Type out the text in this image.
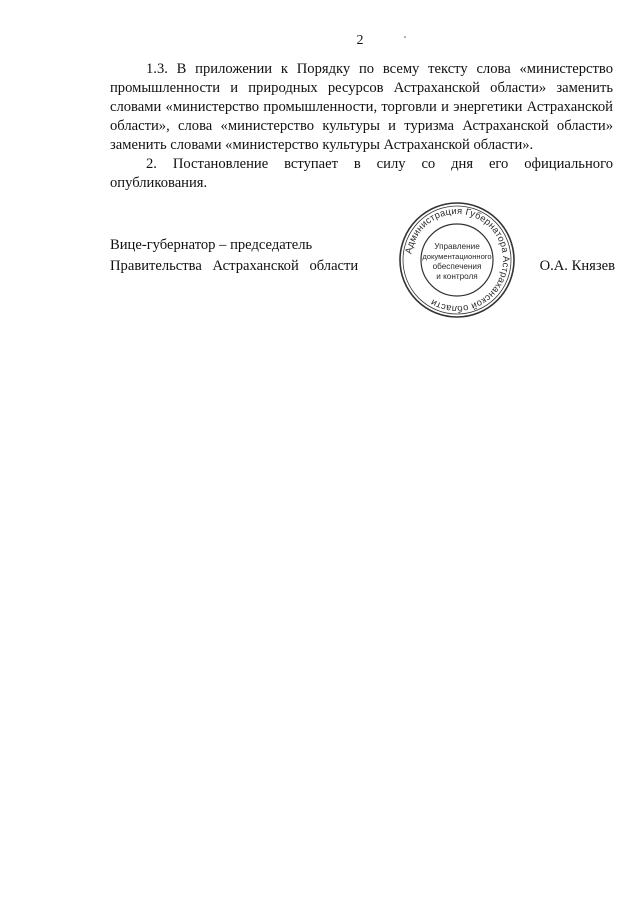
2

1.3. В приложении к Порядку по всему тексту слова «министерство промышленности и природных ресурсов Астраханской области» заменить словами «министерство промышленности, торговли и энергетики Астраханской области», слова «министерство культуры и туризма Астраханской области» заменить словами «министерство культуры Астраханской области».

2. Постановление вступает в силу со дня его официального опубликования.

Вице-губернатор – председатель
Правительства Астраханской области	О.А. Князев
Администрация Губернатора Астраханской области
Управление
документационного
обеспечения
и контроля
